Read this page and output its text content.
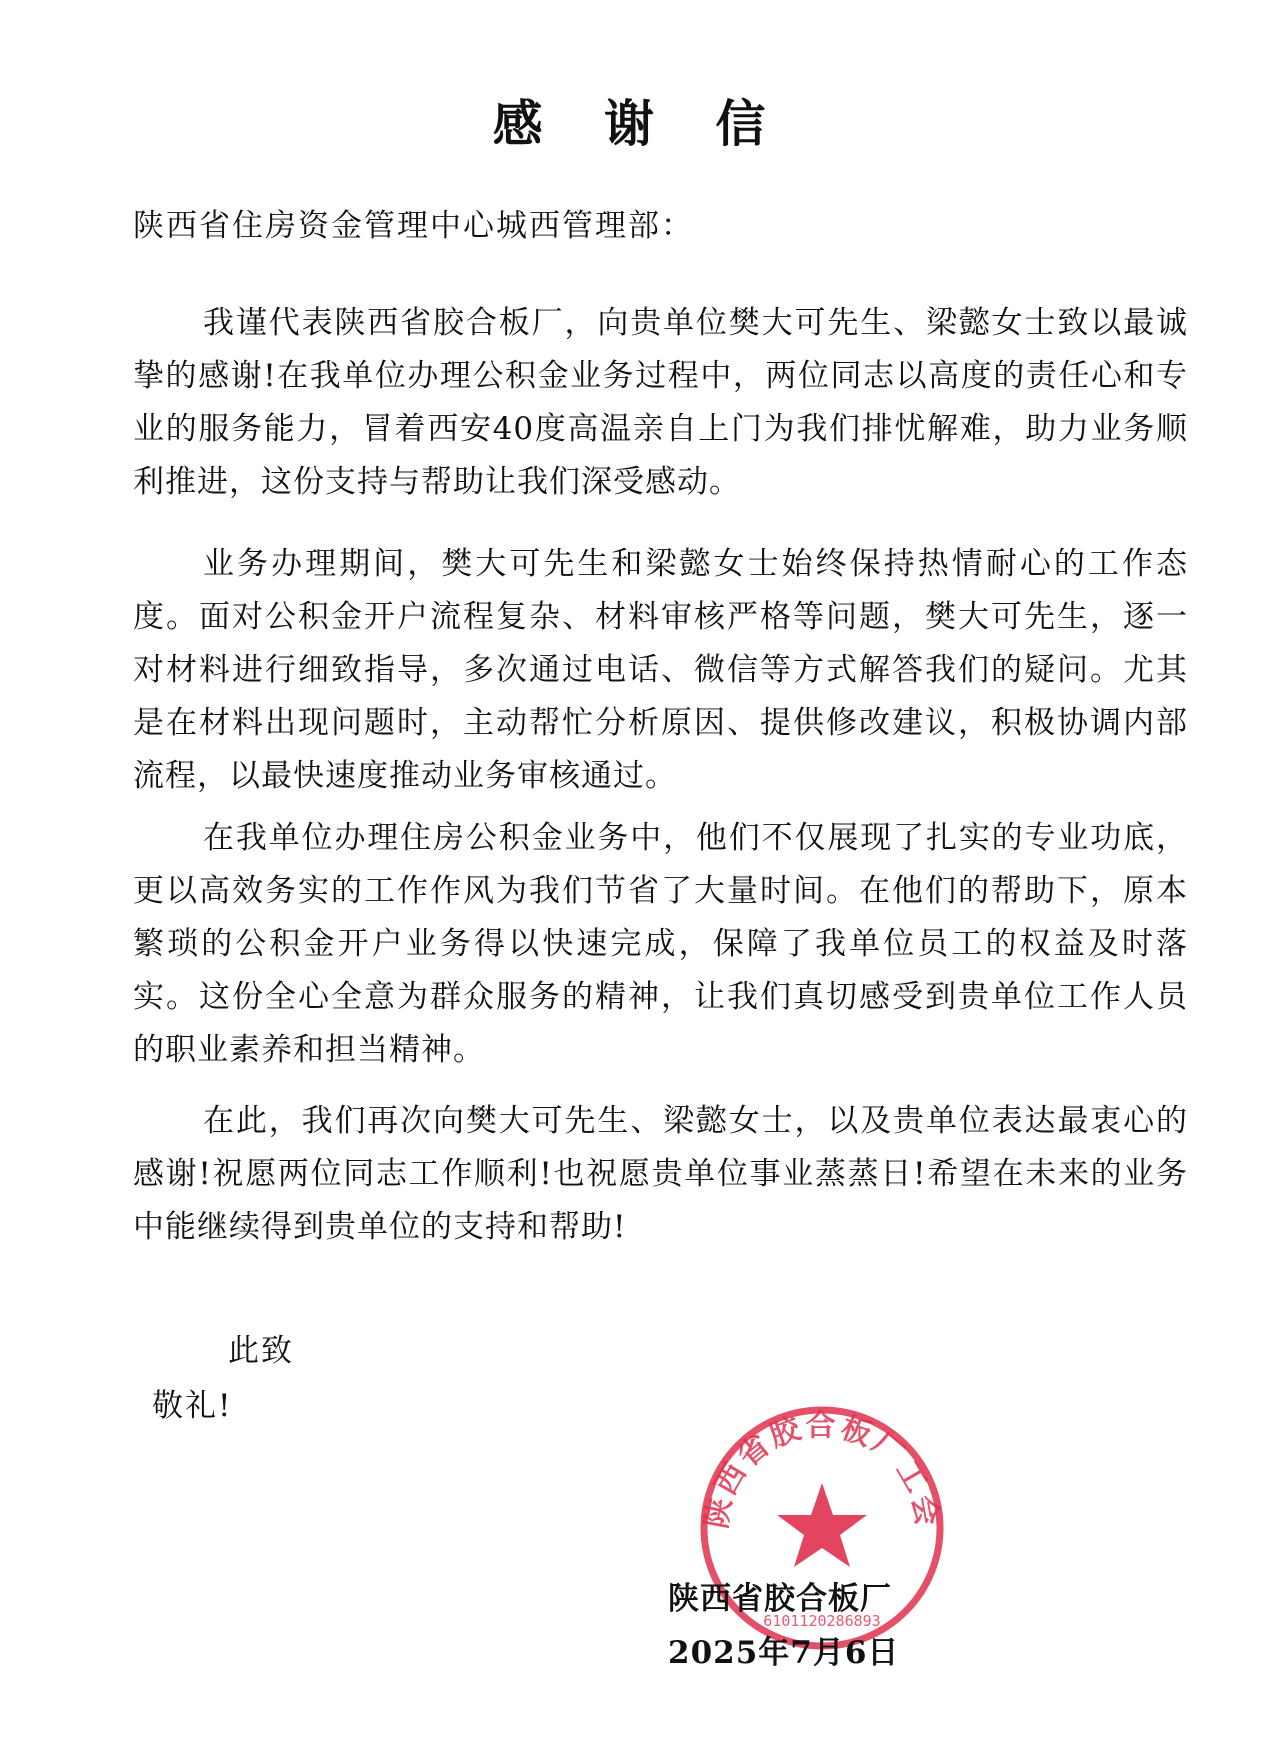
感 谢 信
陕西省住房资金管理中心城西管理部：

我谨代表陕西省胶合板厂，向贵单位樊大可先生、梁懿女士致以最诚挚的感谢!在我单位办理公积金业务过程中，两位同志以高度的责任心和专业的服务能力，冒着西安40度高温亲自上门为我们排忧解难，助力业务顺利推进，这份支持与帮助让我们深受感动。

业务办理期间，樊大可先生和梁懿女士始终保持热情耐心的工作态度。面对公积金开户流程复杂、材料审核严格等问题，樊大可先生，逐一对材料进行细致指导，多次通过电话、微信等方式解答我们的疑问。尤其是在材料出现问题时，主动帮忙分析原因、提供修改建议，积极协调内部流程，以最快速度推动业务审核通过。

在我单位办理住房公积金业务中，他们不仅展现了扎实的专业功底，更以高效务实的工作作风为我们节省了大量时间。在他们的帮助下，原本繁琐的公积金开户业务得以快速完成，保障了我单位员工的权益及时落实。这份全心全意为群众服务的精神，让我们真切感受到贵单位工作人员的职业素养和担当精神。

在此，我们再次向樊大可先生、梁懿女士，以及贵单位表达最衷心的感谢!祝愿两位同志工作顺利!也祝愿贵单位事业蒸蒸日!希望在未来的业务中能继续得到贵单位的支持和帮助!

此致
敬礼!
陕西省胶合板厂工会
6101120286893
陕西省胶合板厂
2025年7月6日
